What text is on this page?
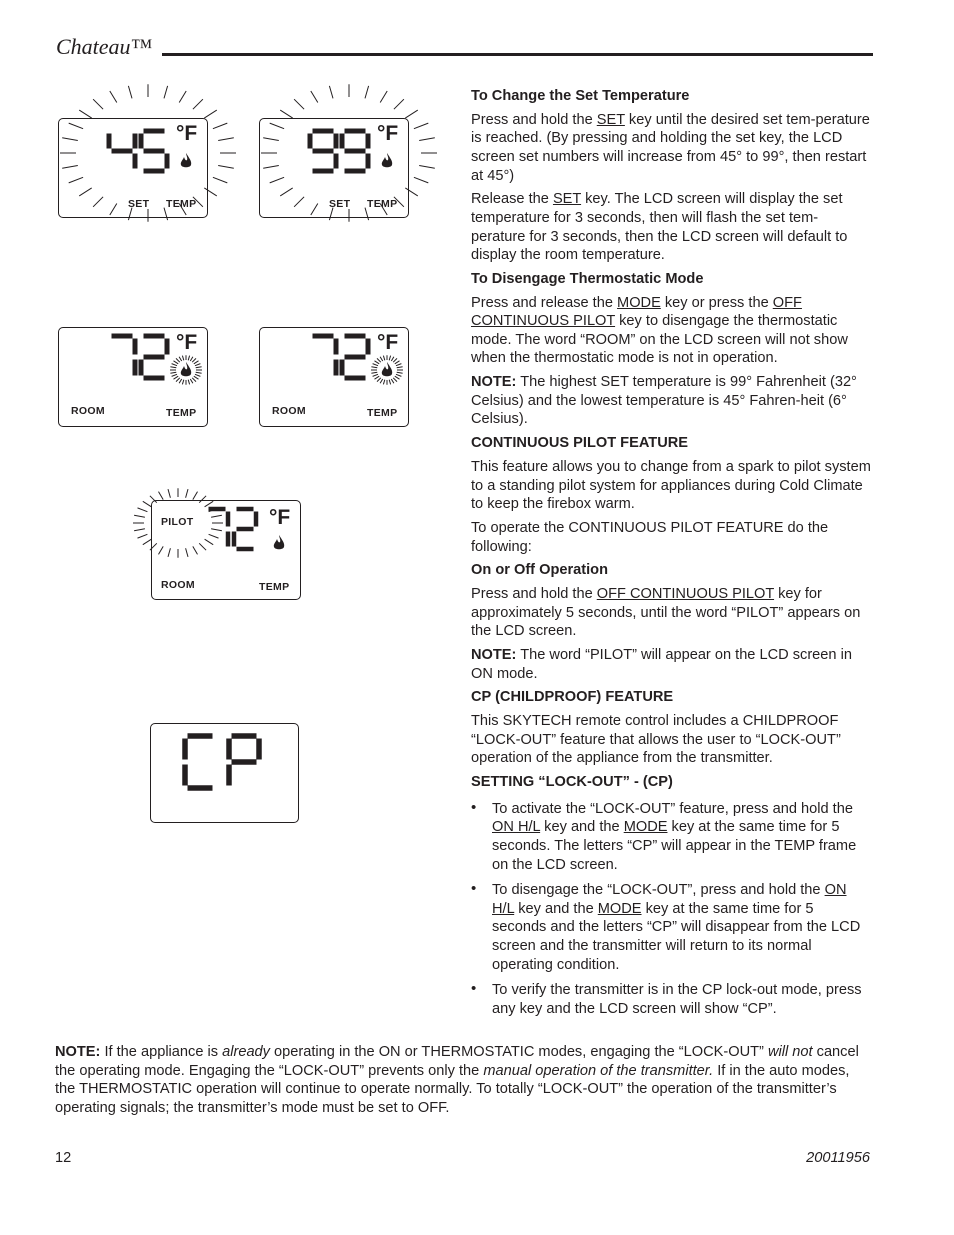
Chateau™
°F
SET TEMP
°F
SET TEMP
°F
ROOM	TEMP
°F
ROOM	TEMP
PILOT	°F
ROOM	TEMP
To Change the Set Temperature

Press and hold the SET key until the desired set tem-perature is reached. (By pressing and holding the set key, the LCD screen set numbers will increase from 45° to 99°, then restart at 45°)

Release the SET key. The LCD screen will display the set temperature for 3 seconds, then will flash the set tem-perature for 3 seconds, then the LCD screen will default to display the room temperature.

To Disengage Thermostatic Mode

Press and release the MODE key or press the OFF CONTINUOUS PILOT key to disengage the thermostatic mode. The word “ROOM” on the LCD screen will not show when the thermostatic mode is not in operation.

NOTE: The highest SET temperature is 99° Fahrenheit (32° Celsius) and the lowest temperature is 45° Fahren-heit (6° Celsius).

CONTINUOUS PILOT FEATURE

This feature allows you to change from a spark to pilot system to a standing pilot system for appliances during Cold Climate to keep the firebox warm.

To operate the CONTINUOUS PILOT FEATURE do the following:

On or Off Operation

Press and hold the OFF CONTINUOUS PILOT key for approximately 5 seconds, until the word “PILOT” appears on the LCD screen.

NOTE: The word “PILOT” will appear on the LCD screen in ON mode.

CP (CHILDPROOF) FEATURE

This SKYTECH remote control includes a CHILDPROOF “LOCK-OUT” feature that allows the user to “LOCK-OUT” operation of the appliance from the transmitter.

SETTING “LOCK-OUT” - (CP)
• To activate the “LOCK-OUT” feature, press and hold the ON H/L key and the MODE key at the same time for 5 seconds. The letters “CP” will appear in the TEMP frame on the LCD screen.
• To disengage the “LOCK-OUT”, press and hold the ON H/L key and the MODE key at the same time for 5 seconds and the letters “CP” will disappear from the LCD screen and the transmitter will return to its normal operating condition.
• To verify the transmitter is in the CP lock-out mode, press any key and the LCD screen will show “CP”.
NOTE: If the appliance is already operating in the ON or THERMOSTATIC modes, engaging the “LOCK-OUT” will not cancel the operating mode. Engaging the “LOCK-OUT” prevents only the manual operation of the transmitter. If in the auto modes, the THERMOSTATIC operation will continue to operate normally. To totally “LOCK-OUT” the operation of the transmitter’s operating signals; the transmitter’s mode must be set to OFF.
12	20011956
